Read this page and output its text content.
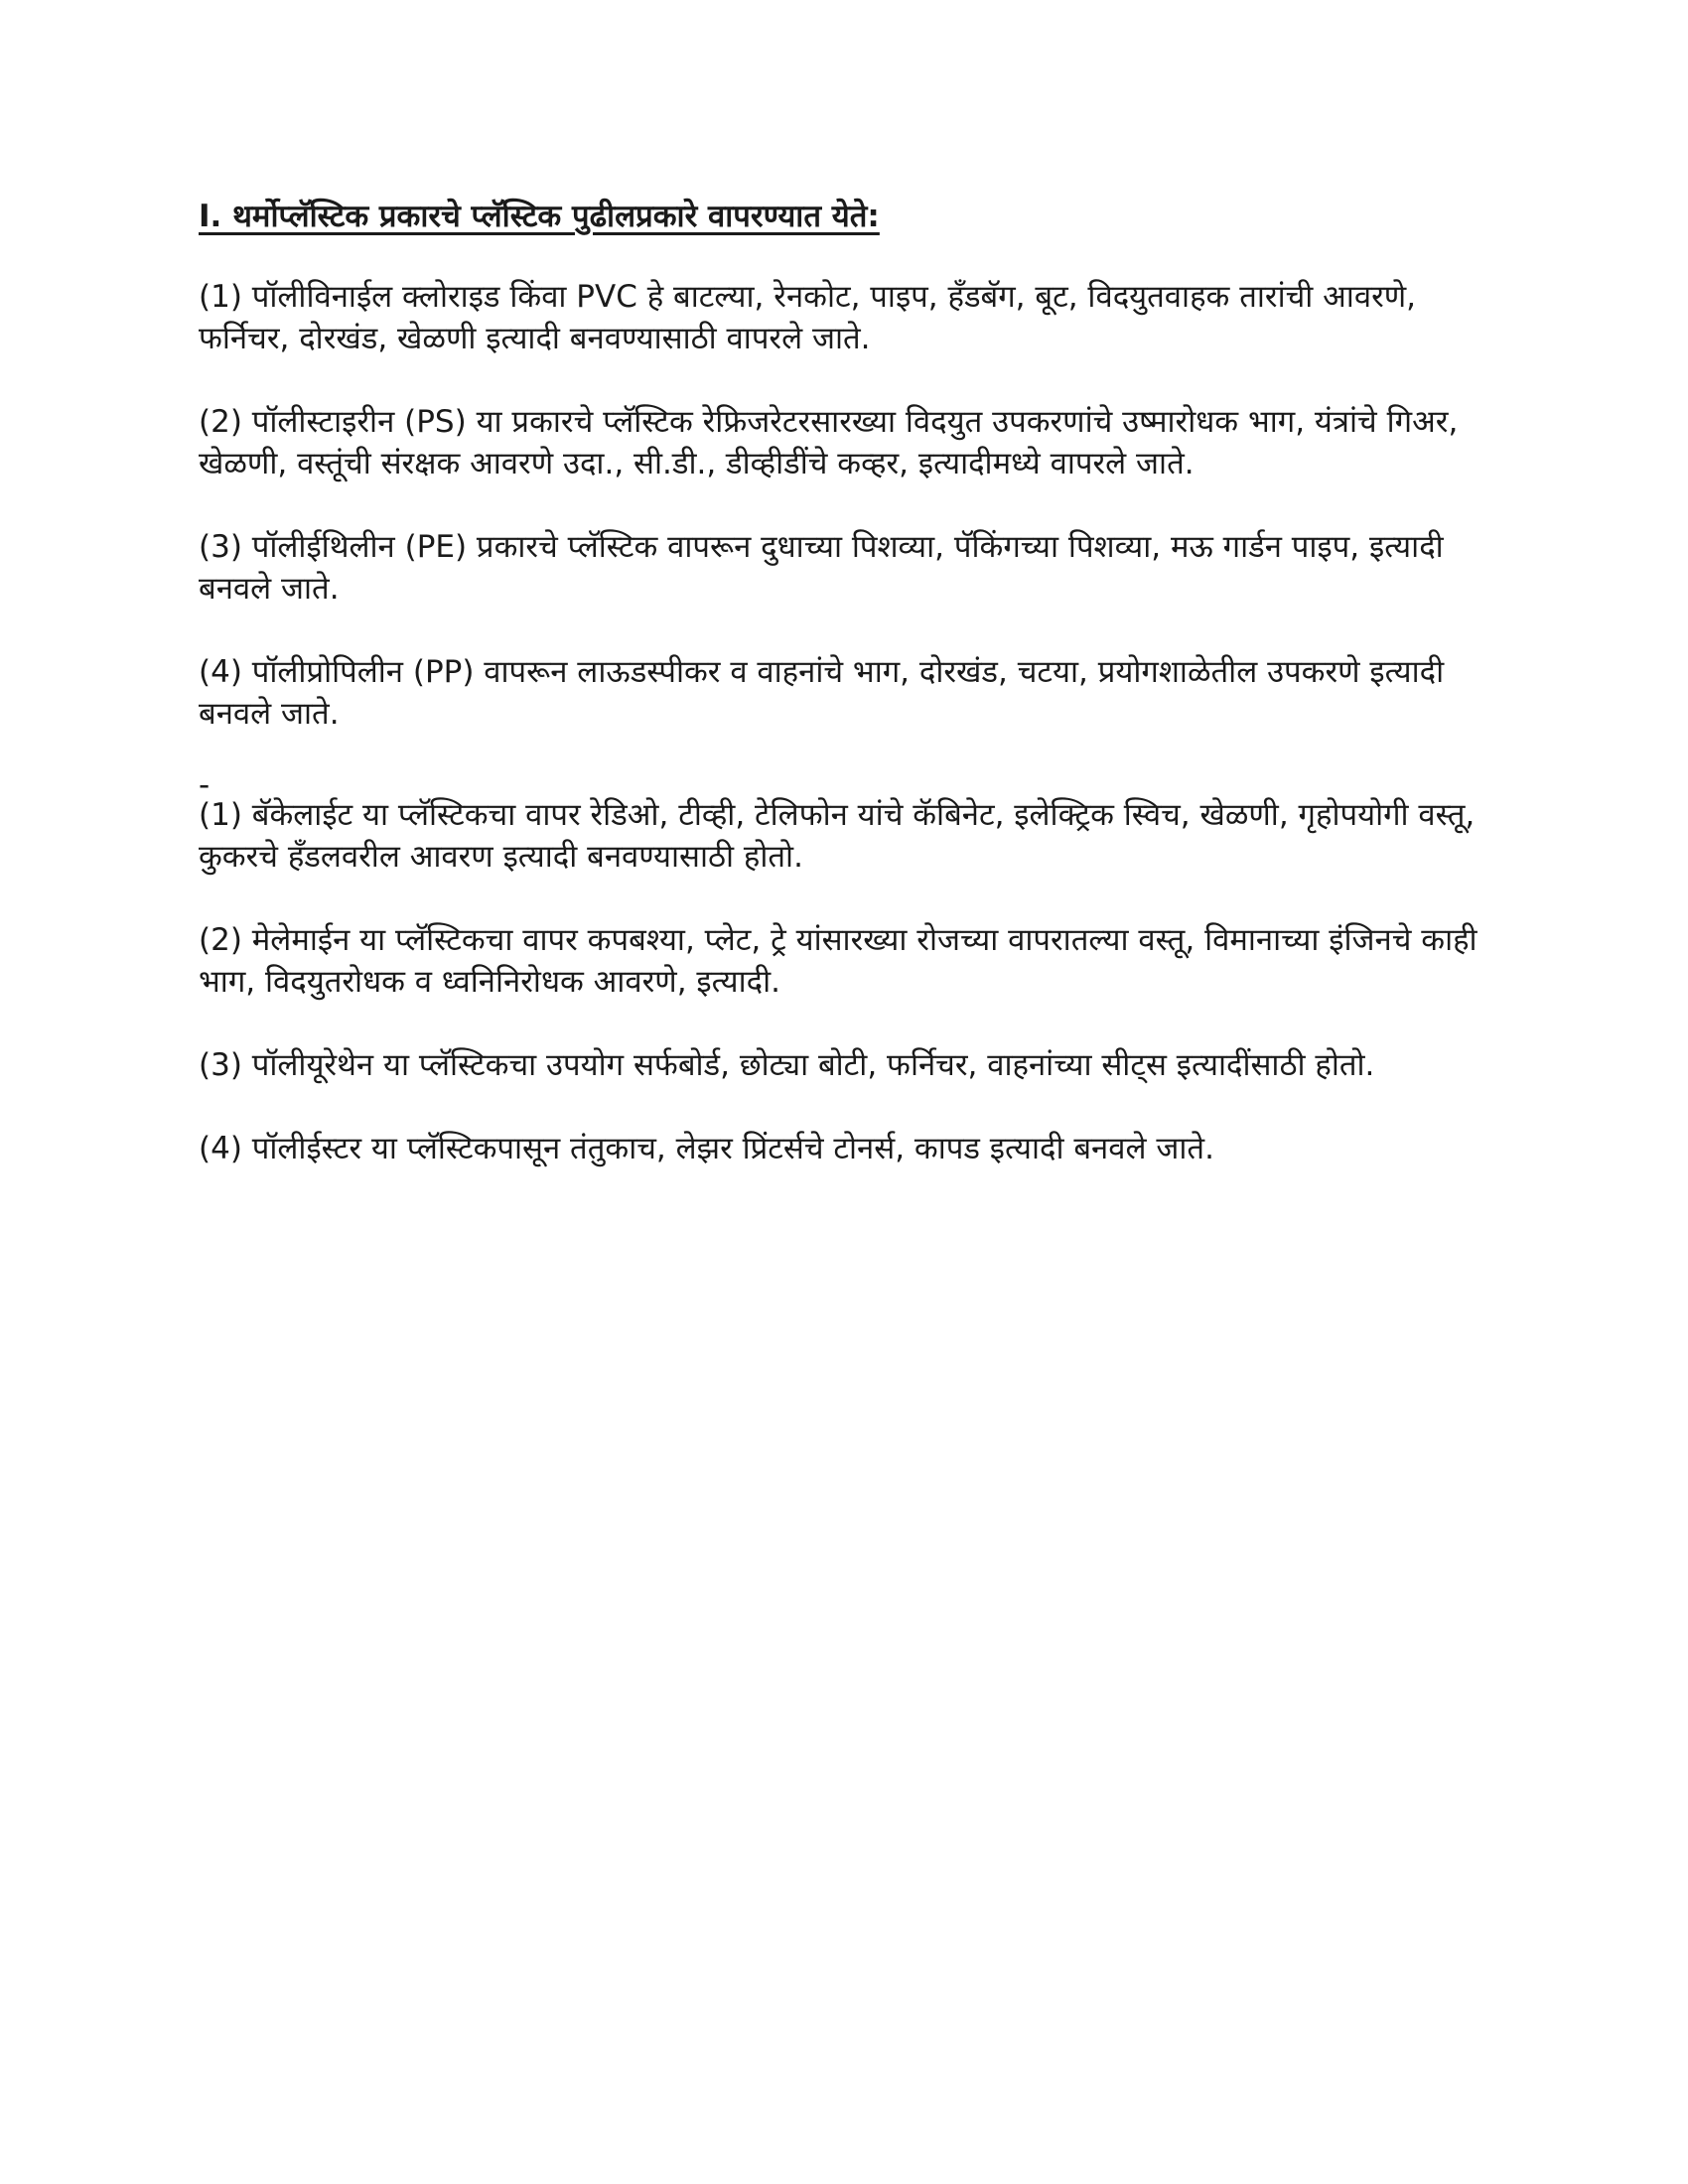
I. थर्मोप्लॅस्टिक प्रकारचे प्लॅस्टिक पुढीलप्रकारे वापरण्यात येते:

(1) पॉलीविनाईल क्लोराइड किंवा PVC हे बाटल्या, रेनकोट, पाइप, हँडबॅग, बूट, विदयुतवाहक तारांची आवरणे, फर्निचर, दोरखंड, खेळणी इत्यादी बनवण्यासाठी वापरले जाते.

(2) पॉलीस्टाइरीन (PS) या प्रकारचे प्लॅस्टिक रेफ्रिजरेटरसारख्या विदयुत उपकरणांचे उष्मारोधक भाग, यंत्रांचे गिअर, खेळणी, वस्तूंची संरक्षक आवरणे उदा., सी.डी., डीव्हीडींचे कव्हर, इत्यादीमध्ये वापरले जाते.

(3) पॉलीईथिलीन (PE) प्रकारचे प्लॅस्टिक वापरून दुधाच्या पिशव्या, पॅकिंगच्या पिशव्या, मऊ गार्डन पाइप, इत्यादी बनवले जाते.

(4) पॉलीप्रोपिलीन (PP) वापरून लाऊडस्पीकर व वाहनांचे भाग, दोरखंड, चटया, प्रयोगशाळेतील उपकरणे इत्यादी बनवले जाते.

-

(1) बॅकेलाईट या प्लॅस्टिकचा वापर रेडिओ, टीव्ही, टेलिफोन यांचे कॅबिनेट, इलेक्ट्रिक स्विच, खेळणी, गृहोपयोगी वस्तू, कुकरचे हँडलवरील आवरण इत्यादी बनवण्यासाठी होतो.

(2) मेलेमाईन या प्लॅस्टिकचा वापर कपबश्या, प्लेट, ट्रे यांसारख्या रोजच्या वापरातल्या वस्तू, विमानाच्या इंजिनचे काही भाग, विदयुतरोधक व ध्वनिनिरोधक आवरणे, इत्यादी.

(3) पॉलीयूरेथेन या प्लॅस्टिकचा उपयोग सर्फबोर्ड, छोट्या बोटी, फर्निचर, वाहनांच्या सीट्स इत्यादींसाठी होतो.

(4) पॉलीईस्टर या प्लॅस्टिकपासून तंतुकाच, लेझर प्रिंटर्सचे टोनर्स, कापड इत्यादी बनवले जाते.
